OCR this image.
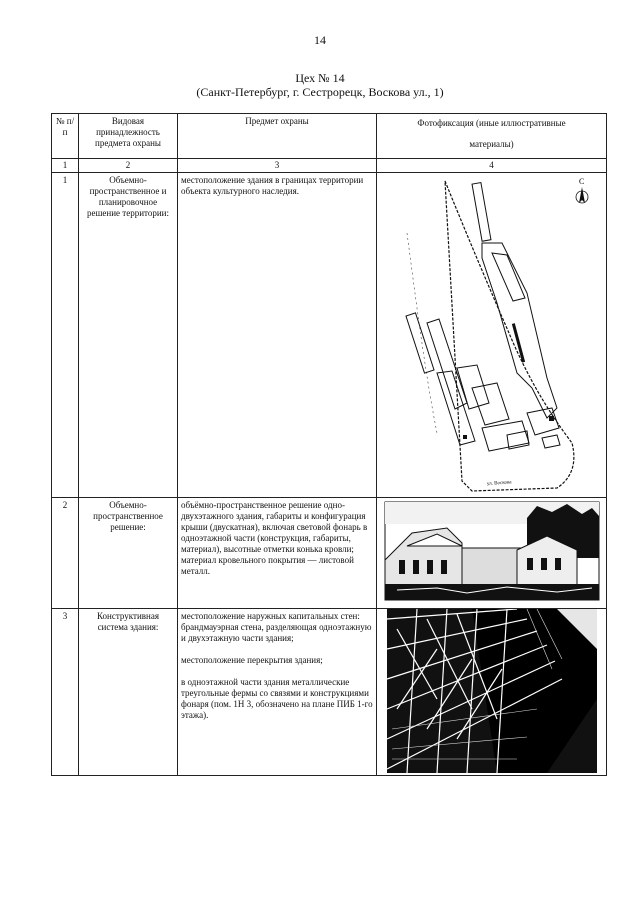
14
Цех № 14
(Санкт-Петербург, г. Сестрорецк, Воскова ул., 1)
№ п/п	Видовая принадлежность предмета охраны	Предмет охраны	Фотофиксация (иные иллюстративные
материалы)

1	2	3	4
1	Объемно-пространственное и планировочное решение территории:	местоположение здания в границах территории объекта культурного наследия.	С
ул. Воскова

2	Объемно-пространственное решение:	объёмно-пространственное решение одно-двухэтажного здания, габариты и конфигурация крыши (двускатная), включая световой фонарь в одноэтажной части (конструкция, габариты, материал), высотные отметки конька кровли;
материал кровельного покрытия — листовой металл.

3	Конструктивная система здания:	местоположение наружных капитальных стен:
брандмауэрная стена, разделяющая одноэтажную и двухэтажную части здания;
местоположение перекрытия здания;
в одноэтажной части здания металлические треугольные фермы со связями и конструкциями фонаря (пом. 1Н 3, обозначено на плане ПИБ 1-го этажа).
